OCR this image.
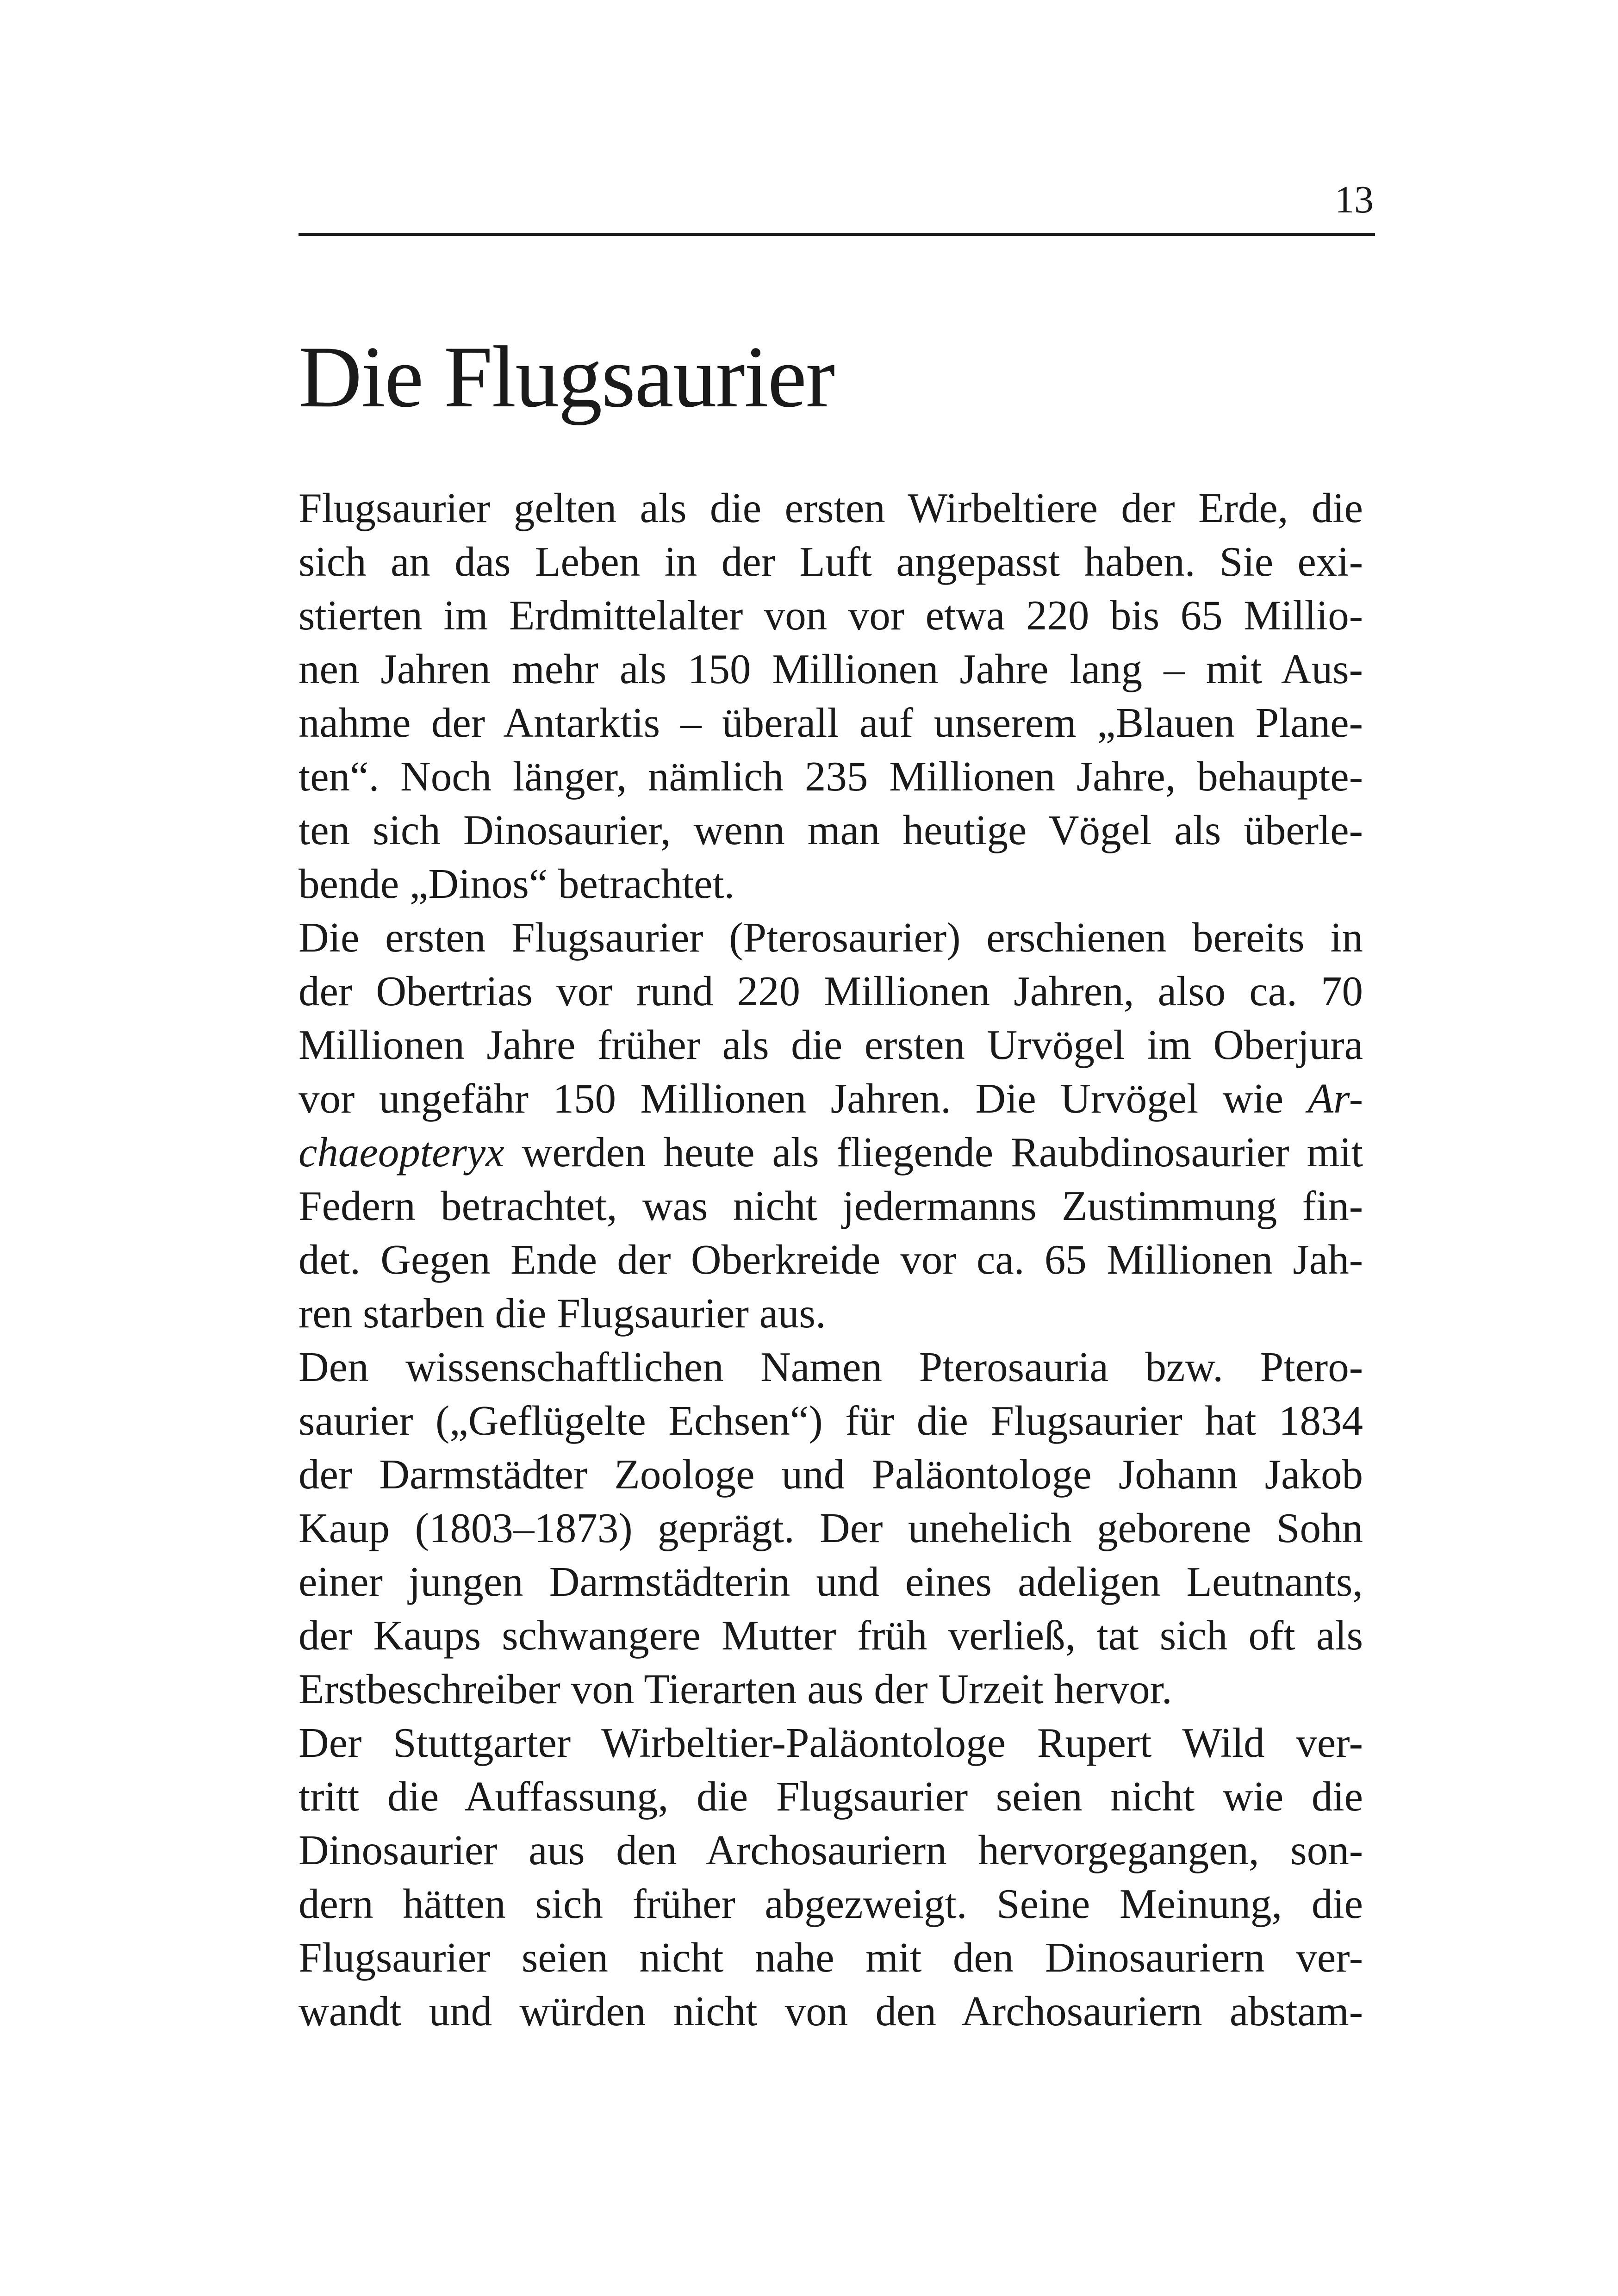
13
Die Flugsaurier
Flugsaurier gelten als die ersten Wirbeltiere der Erde, die
sich an das Leben in der Luft angepasst haben. Sie exi-
stierten im Erdmittelalter von vor etwa 220 bis 65 Millio-
nen Jahren mehr als 150 Millionen Jahre lang – mit Aus-
nahme der Antarktis – überall auf unserem „Blauen Plane-
ten“. Noch länger, nämlich 235 Millionen Jahre, behaupte-
ten sich Dinosaurier, wenn man heutige Vögel als überle-
bende „Dinos“ betrachtet.
Die ersten Flugsaurier (Pterosaurier) erschienen bereits in
der Obertrias vor rund 220 Millionen Jahren, also ca. 70
Millionen Jahre früher als die ersten Urvögel im Oberjura
vor ungefähr 150 Millionen Jahren. Die Urvögel wie Ar-
chaeopteryx werden heute als fliegende Raubdinosaurier mit
Federn betrachtet, was nicht jedermanns Zustimmung fin-
det. Gegen Ende der Oberkreide vor ca. 65 Millionen Jah-
ren starben die Flugsaurier aus.
Den wissenschaftlichen Namen Pterosauria bzw. Ptero-
saurier („Geflügelte Echsen“) für die Flugsaurier hat 1834
der Darmstädter Zoologe und Paläontologe Johann Jakob
Kaup (1803–1873) geprägt. Der unehelich geborene Sohn
einer jungen Darmstädterin und eines adeligen Leutnants,
der Kaups schwangere Mutter früh verließ, tat sich oft als
Erstbeschreiber von Tierarten aus der Urzeit hervor.
Der Stuttgarter Wirbeltier-Paläontologe Rupert Wild ver-
tritt die Auffassung, die Flugsaurier seien nicht wie die
Dinosaurier aus den Archosauriern hervorgegangen, son-
dern hätten sich früher abgezweigt. Seine Meinung, die
Flugsaurier seien nicht nahe mit den Dinosauriern ver-
wandt und würden nicht von den Archosauriern abstam-
